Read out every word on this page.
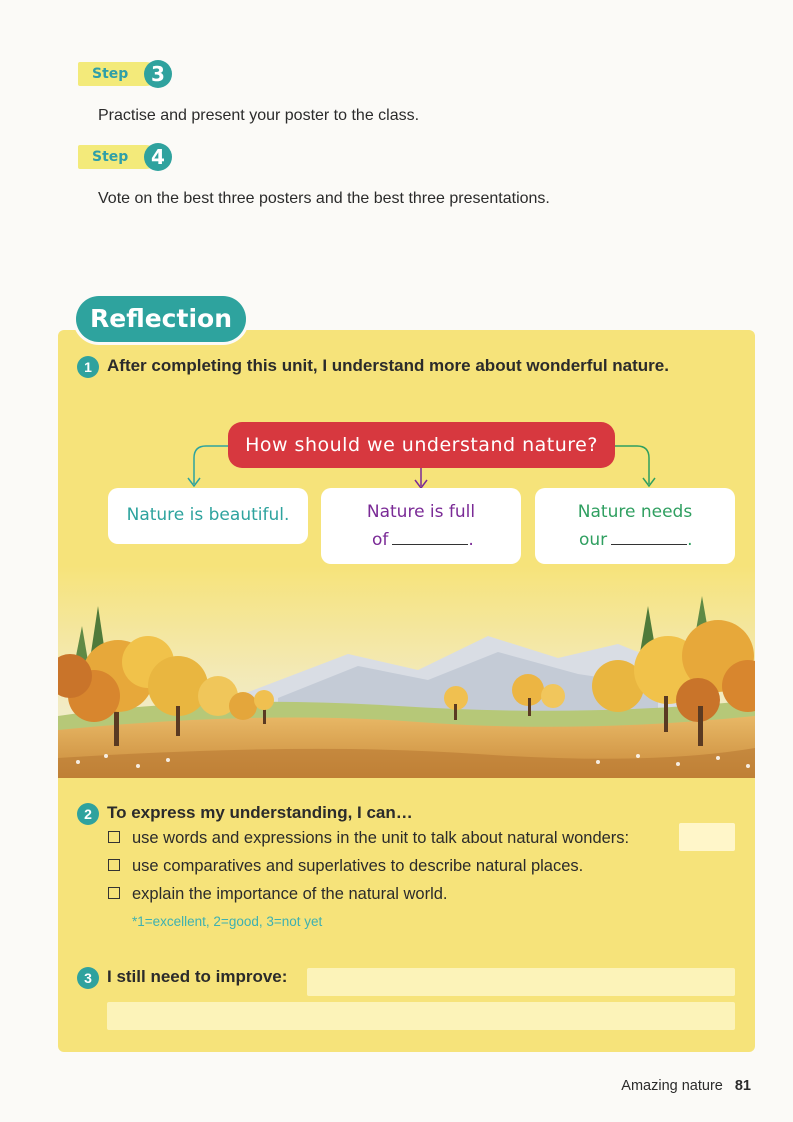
Step	3
Practise and present your poster to the class.
Step	4
Vote on the best three posters and the best three presentations.
Reflection
1 After completing this unit, I understand more about wonderful nature.
How should we understand nature?
Nature is beautiful.	Nature is full
of	.
Nature needs
our	.
2 To express my understanding, I can…
use words and expressions in the unit to talk about natural wonders:
use comparatives and superlatives to describe natural places.
explain the importance of the natural world.
*1=excellent, 2=good, 3=not yet
3 I still need to improve:
Amazing nature 81
